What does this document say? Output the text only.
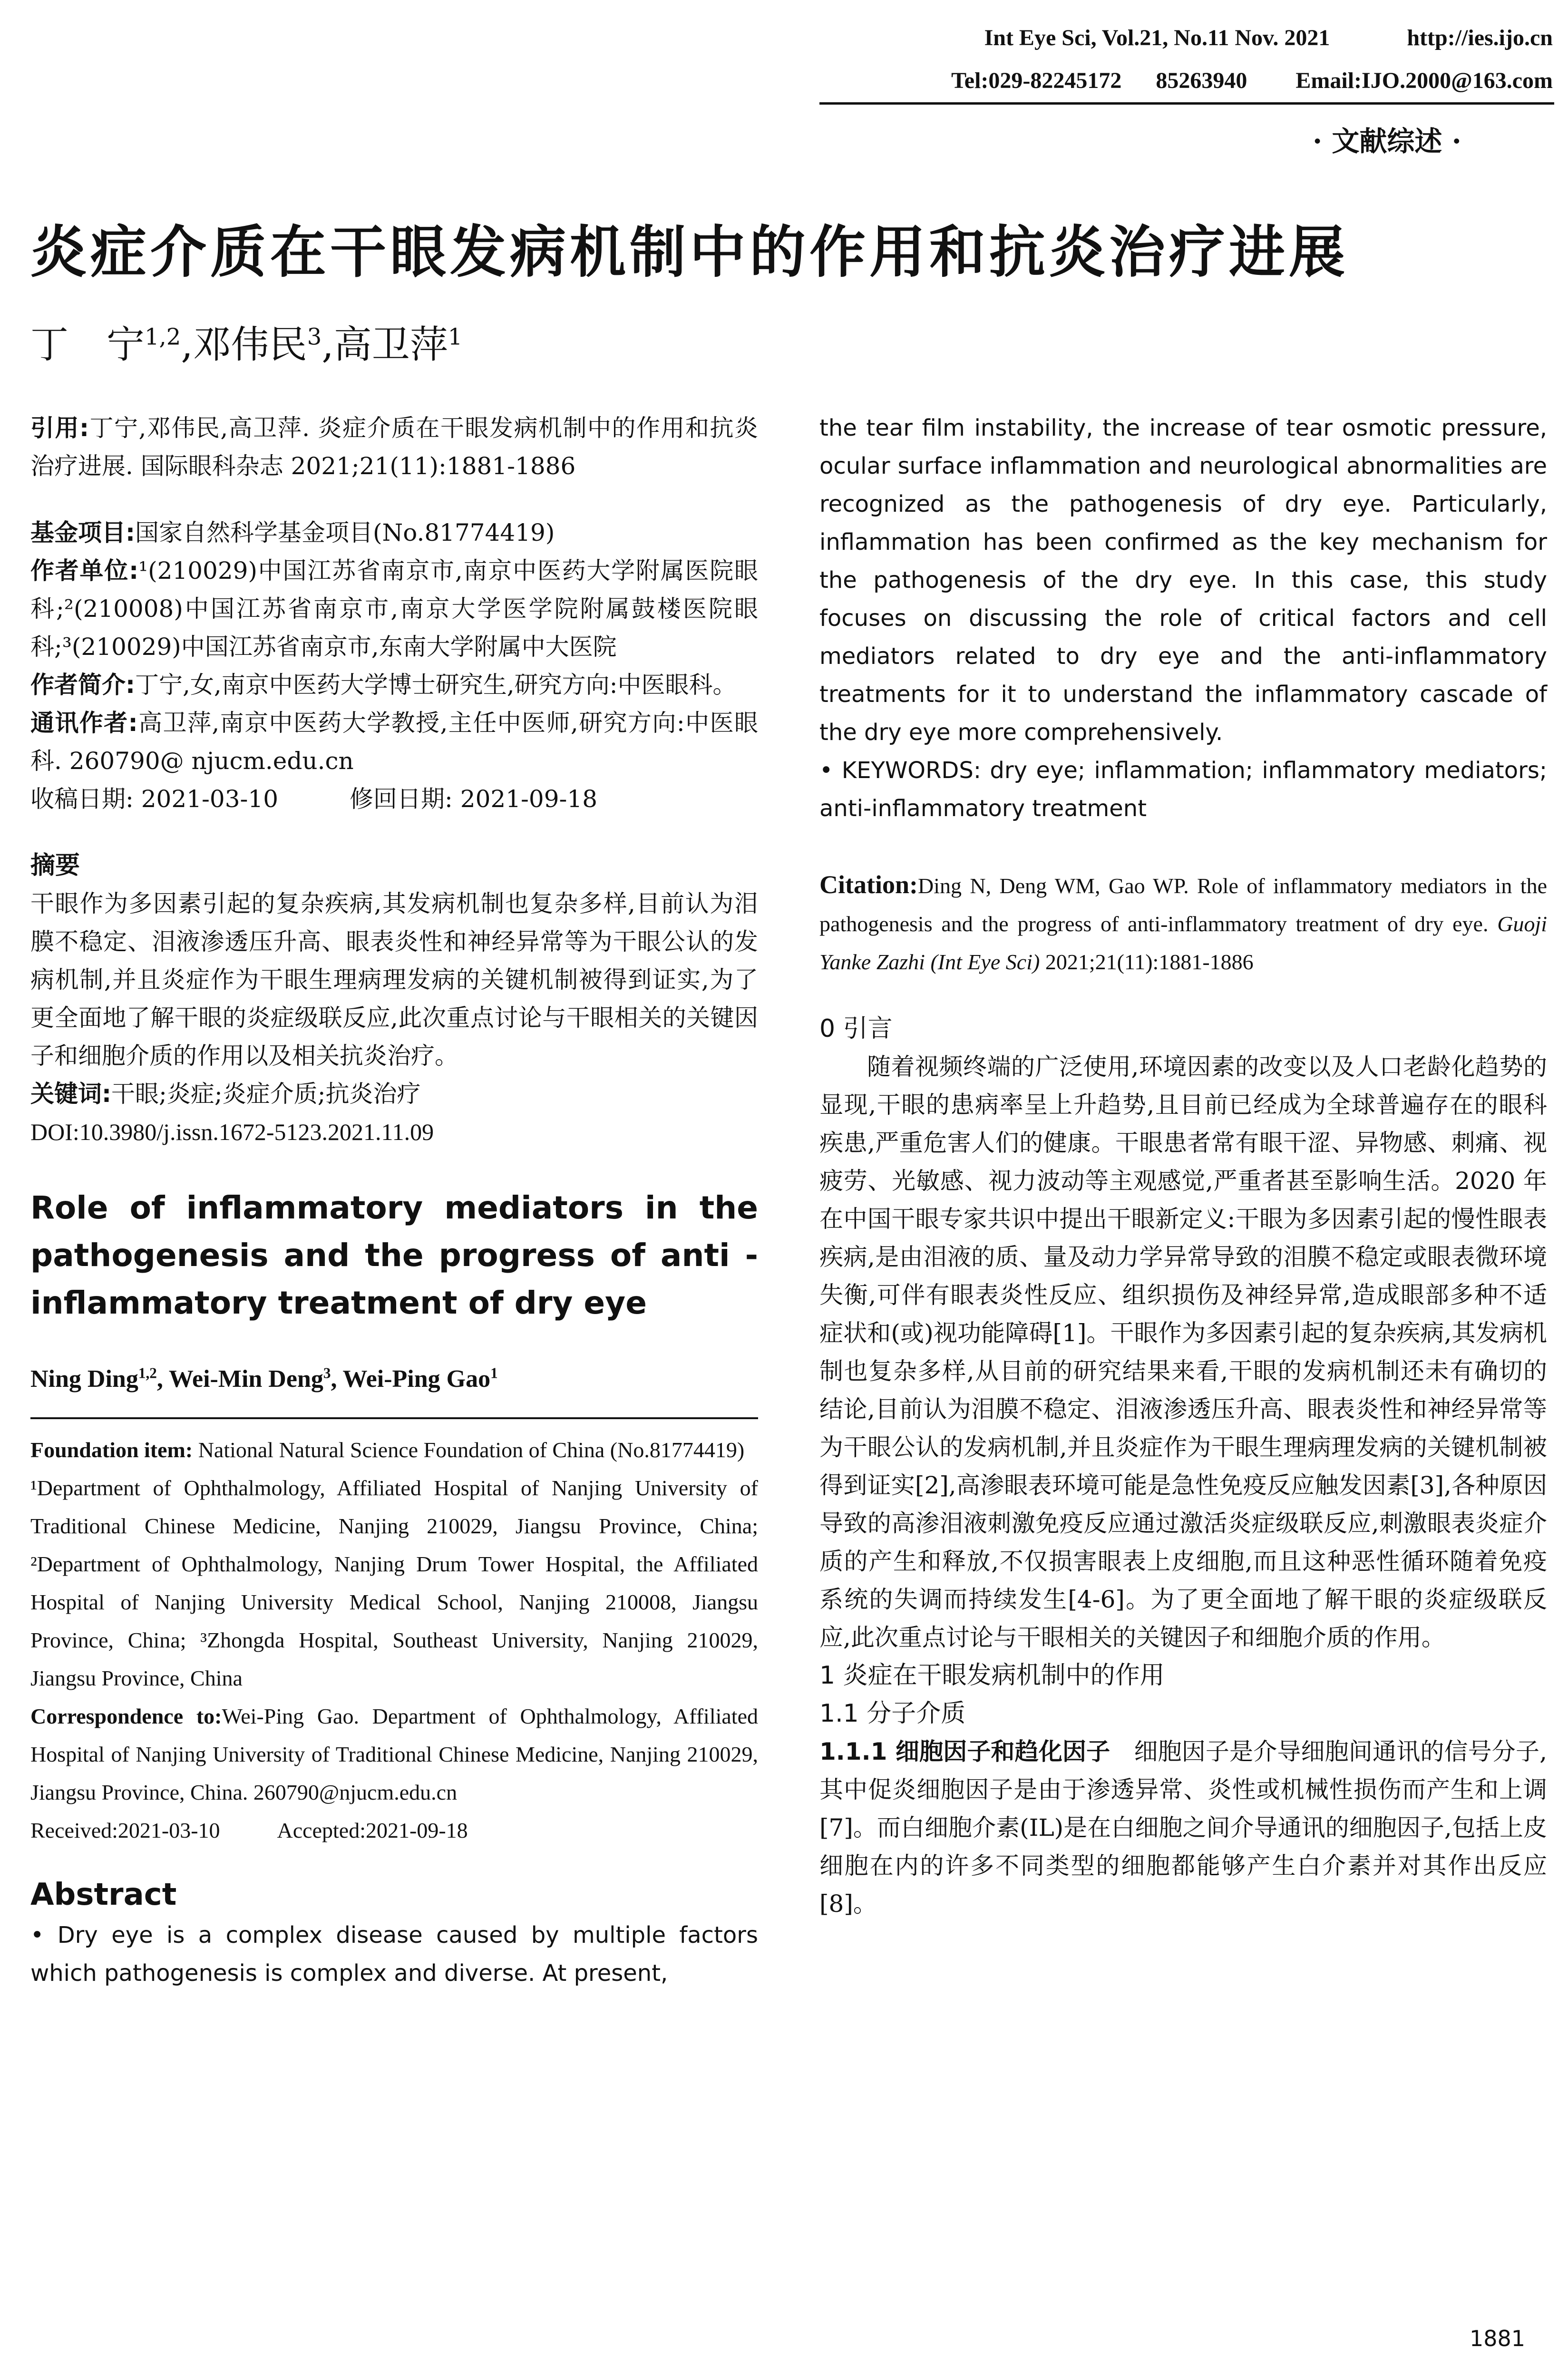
Int Eye Sci, Vol.21, No.11 Nov. 2021	http://ies.ijo.cn
Tel:029-82245172 85263940 Email:IJO.2000@163.com
· 文献综述 ·
炎症介质在干眼发病机制中的作用和抗炎治疗进展
丁　宁$^{1,2}$,邓伟民$^3$,高卫萍$^1$
引用:丁宁,邓伟民,高卫萍. 炎症介质在干眼发病机制中的作用和抗炎治疗进展. 国际眼科杂志 2021;21(11):1881-1886
基金项目:国家自然科学基金项目(No.81774419)
作者单位:¹(210029)中国江苏省南京市,南京中医药大学附属医院眼科;²(210008)中国江苏省南京市,南京大学医学院附属鼓楼医院眼科;³(210029)中国江苏省南京市,东南大学附属中大医院
作者简介:丁宁,女,南京中医药大学博士研究生,研究方向:中医眼科。
通讯作者:高卫萍,南京中医药大学教授,主任中医师,研究方向:中医眼科. 260790@ njucm.edu.cn
收稿日期: 2021-03-10	修回日期: 2021-09-18
摘要
干眼作为多因素引起的复杂疾病,其发病机制也复杂多样,目前认为泪膜不稳定、泪液渗透压升高、眼表炎性和神经异常等为干眼公认的发病机制,并且炎症作为干眼生理病理发病的关键机制被得到证实,为了更全面地了解干眼的炎症级联反应,此次重点讨论与干眼相关的关键因子和细胞介质的作用以及相关抗炎治疗。
关键词:干眼;炎症;炎症介质;抗炎治疗
DOI:10.3980/j.issn.1672-5123.2021.11.09
Role of inflammatory mediators in the pathogenesis and the progress of anti - inflammatory treatment of dry eye
Ning Ding$^{1,2}$, Wei-Min Deng$^3$, Wei-Ping Gao$^1$
Foundation item: National Natural Science Foundation of China (No.81774419)
¹Department of Ophthalmology, Affiliated Hospital of Nanjing University of Traditional Chinese Medicine, Nanjing 210029, Jiangsu Province, China; ²Department of Ophthalmology, Nanjing Drum Tower Hospital, the Affiliated Hospital of Nanjing University Medical School, Nanjing 210008, Jiangsu Province, China; ³Zhongda Hospital, Southeast University, Nanjing 210029, Jiangsu Province, China
Correspondence to:Wei-Ping Gao. Department of Ophthalmology, Affiliated Hospital of Nanjing University of Traditional Chinese Medicine, Nanjing 210029, Jiangsu Province, China. 260790@njucm.edu.cn
Received:2021-03-10	Accepted:2021-09-18
Abstract
• Dry eye is a complex disease caused by multiple factors which pathogenesis is complex and diverse. At present,
the tear film instability, the increase of tear osmotic pressure, ocular surface inflammation and neurological abnormalities are recognized as the pathogenesis of dry eye. Particularly, inflammation has been confirmed as the key mechanism for the pathogenesis of the dry eye. In this case, this study focuses on discussing the role of critical factors and cell mediators related to dry eye and the anti-inflammatory treatments for it to understand the inflammatory cascade of the dry eye more comprehensively.
• KEYWORDS: dry eye; inflammation; inflammatory mediators; anti-inflammatory treatment
Citation:Ding N, Deng WM, Gao WP. Role of inflammatory mediators in the pathogenesis and the progress of anti-inflammatory treatment of dry eye. Guoji Yanke Zazhi (Int Eye Sci) 2021;21(11):1881-1886
0 引言
随着视频终端的广泛使用,环境因素的改变以及人口老龄化趋势的显现,干眼的患病率呈上升趋势,且目前已经成为全球普遍存在的眼科疾患,严重危害人们的健康。干眼患者常有眼干涩、异物感、刺痛、视疲劳、光敏感、视力波动等主观感觉,严重者甚至影响生活。2020 年在中国干眼专家共识中提出干眼新定义:干眼为多因素引起的慢性眼表疾病,是由泪液的质、量及动力学异常导致的泪膜不稳定或眼表微环境失衡,可伴有眼表炎性反应、组织损伤及神经异常,造成眼部多种不适症状和(或)视功能障碍[1]。干眼作为多因素引起的复杂疾病,其发病机制也复杂多样,从目前的研究结果来看,干眼的发病机制还未有确切的结论,目前认为泪膜不稳定、泪液渗透压升高、眼表炎性和神经异常等为干眼公认的发病机制,并且炎症作为干眼生理病理发病的关键机制被得到证实[2],高渗眼表环境可能是急性免疫反应触发因素[3],各种原因导致的高渗泪液刺激免疫反应通过激活炎症级联反应,刺激眼表炎症介质的产生和释放,不仅损害眼表上皮细胞,而且这种恶性循环随着免疫系统的失调而持续发生[4-6]。为了更全面地了解干眼的炎症级联反应,此次重点讨论与干眼相关的关键因子和细胞介质的作用。
1 炎症在干眼发病机制中的作用
1.1 分子介质
1.1.1 细胞因子和趋化因子 细胞因子是介导细胞间通讯的信号分子,其中促炎细胞因子是由于渗透异常、炎性或机械性损伤而产生和上调[7]。而白细胞介素(IL)是在白细胞之间介导通讯的细胞因子,包括上皮细胞在内的许多不同类型的细胞都能够产生白介素并对其作出反应[8]。
1881
